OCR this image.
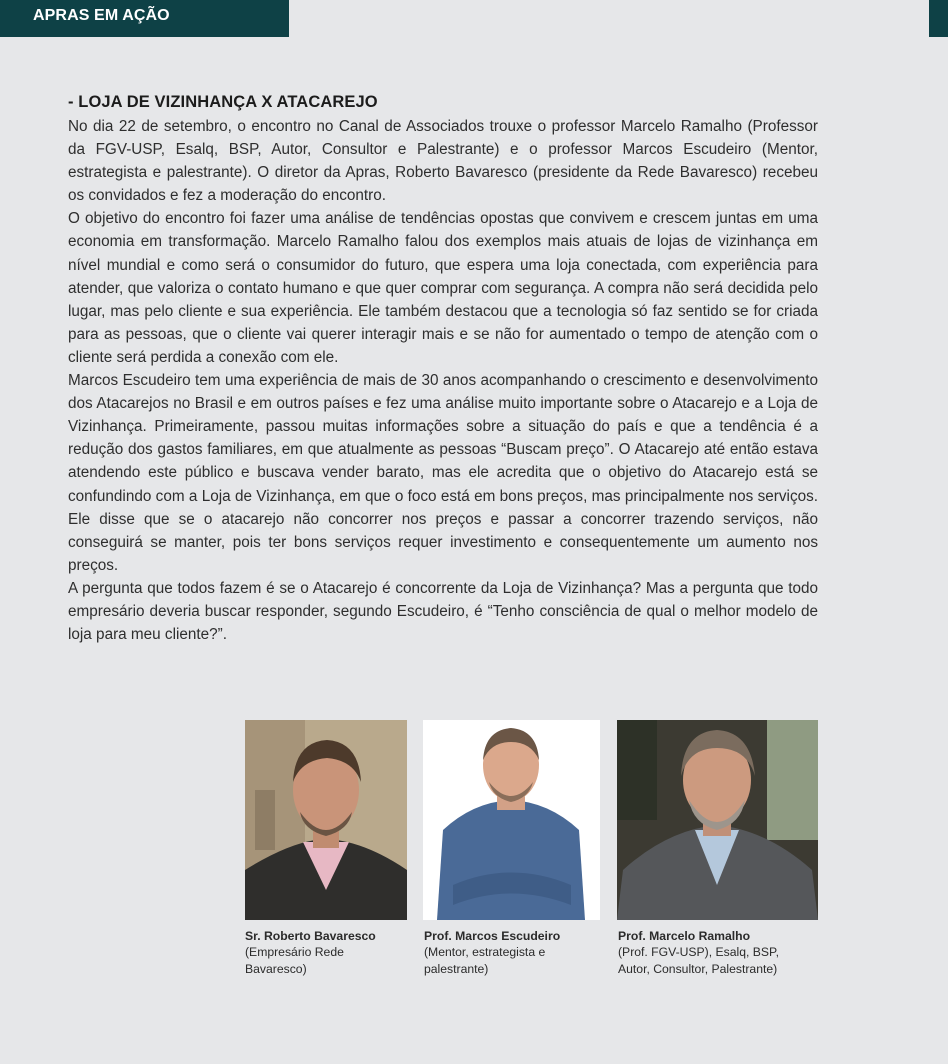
APRAS EM AÇÃO
- LOJA DE VIZINHANÇA X ATACAREJO

No dia 22 de setembro, o encontro no Canal de Associados trouxe o professor Marcelo Ramalho (Professor da FGV-USP, Esalq, BSP, Autor, Consultor e Palestrante) e o professor Marcos Escudeiro (Mentor, estrategista e palestrante). O diretor da Apras, Roberto Bavaresco (presidente da Rede Bavaresco) recebeu os convidados e fez a moderação do encontro.

O objetivo do encontro foi fazer uma análise de tendências opostas que convivem e crescem juntas em uma economia em transformação. Marcelo Ramalho falou dos exemplos mais atuais de lojas de vizinhança em nível mundial e como será o consumidor do futuro, que espera uma loja conectada, com experiência para atender, que valoriza o contato humano e que quer comprar com segurança. A compra não será decidida pelo lugar, mas pelo cliente e sua experiência. Ele também destacou que a tecnologia só faz sentido se for criada para as pessoas, que o cliente vai querer interagir mais e se não for aumentado o tempo de atenção com o cliente será perdida a conexão com ele.

Marcos Escudeiro tem uma experiência de mais de 30 anos acompanhando o crescimento e desenvolvimento dos Atacarejos no Brasil e em outros países e fez uma análise muito importante sobre o Atacarejo e a Loja de Vizinhança. Primeiramente, passou muitas informações sobre a situação do país e que a tendência é a redução dos gastos familiares, em que atualmente as pessoas “Buscam preço”. O Atacarejo até então estava atendendo este público e buscava vender barato, mas ele acredita que o objetivo do Atacarejo está se confundindo com a Loja de Vizinhança, em que o foco está em bons preços, mas principalmente nos serviços. Ele disse que se o atacarejo não concorrer nos preços e passar a concorrer trazendo serviços, não conseguirá se manter, pois ter bons serviços requer investimento e consequentemente um aumento nos preços.

A pergunta que todos fazem é se o Atacarejo é concorrente da Loja de Vizinhança? Mas a pergunta que todo empresário deveria buscar responder, segundo Escudeiro, é “Tenho consciência de qual o melhor modelo de loja para meu cliente?”.

Sr. Roberto Bavaresco
(Empresário Rede
Bavaresco)
Prof. Marcos Escudeiro
(Mentor, estrategista e
palestrante)
Prof. Marcelo Ramalho
(Prof. FGV-USP), Esalq, BSP,
Autor, Consultor, Palestrante)
